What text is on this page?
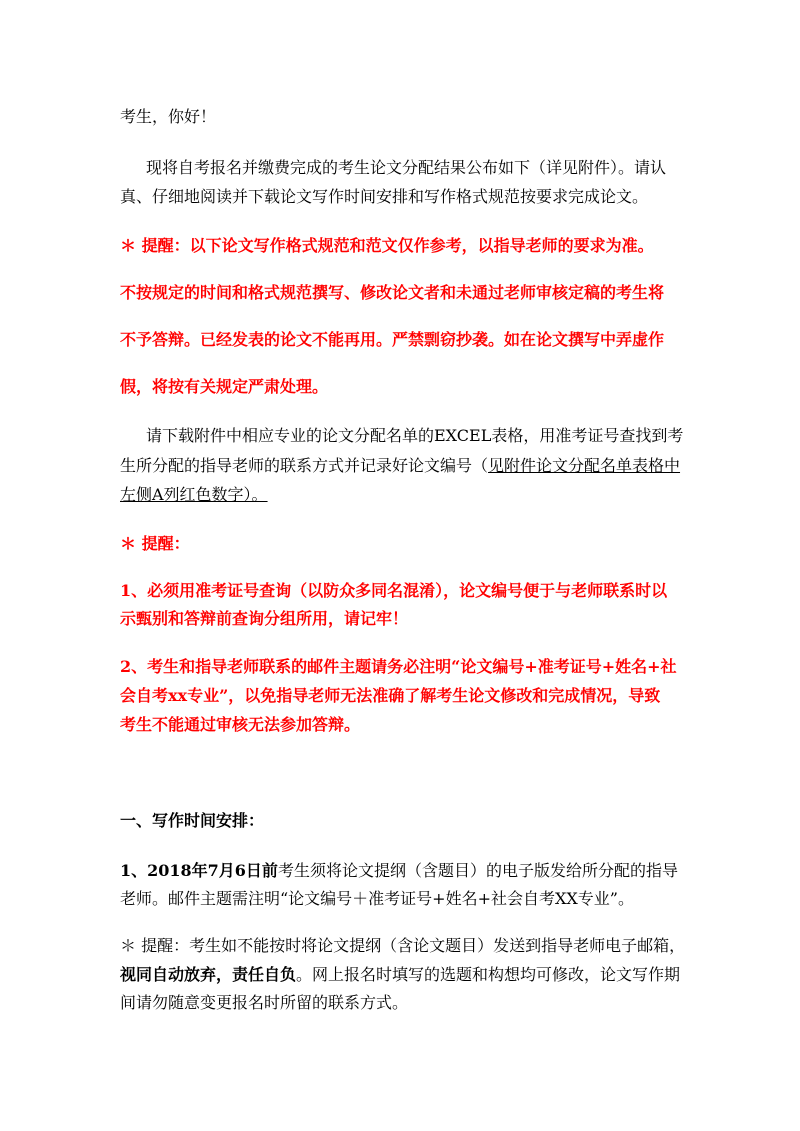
考生，你好！
现将自考报名并缴费完成的考生论文分配结果公布如下（详见附件）。请认
真、仔细地阅读并下载论文写作时间安排和写作格式规范按要求完成论文。
＊ 提醒：以下论文写作格式规范和范文仅作参考，以指导老师的要求为准。
不按规定的时间和格式规范撰写、修改论文者和未通过老师审核定稿的考生将
不予答辩。已经发表的论文不能再用。严禁剽窃抄袭。如在论文撰写中弄虚作
假，将按有关规定严肃处理。
请下载附件中相应专业的论文分配名单的EXCEL表格，用准考证号查找到考
生所分配的指导老师的联系方式并记录好论文编号（见附件论文分配名单表格中
左侧A列红色数字）。
＊ 提醒：
1、必须用准考证号查询（以防众多同名混淆），论文编号便于与老师联系时以
示甄别和答辩前查询分组所用，请记牢！
2、考生和指导老师联系的邮件主题请务必注明“论文编号+准考证号+姓名+社
会自考xx专业”，以免指导老师无法准确了解考生论文修改和完成情况，导致
考生不能通过审核无法参加答辩。
一、写作时间安排：
1、2018年7月6日前考生须将论文提纲（含题目）的电子版发给所分配的指导
老师。邮件主题需注明“论文编号＋准考证号+姓名+社会自考XX专业”。
＊ 提醒：考生如不能按时将论文提纲（含论文题目）发送到指导老师电子邮箱，
视同自动放弃，责任自负。网上报名时填写的选题和构想均可修改，论文写作期
间请勿随意变更报名时所留的联系方式。
